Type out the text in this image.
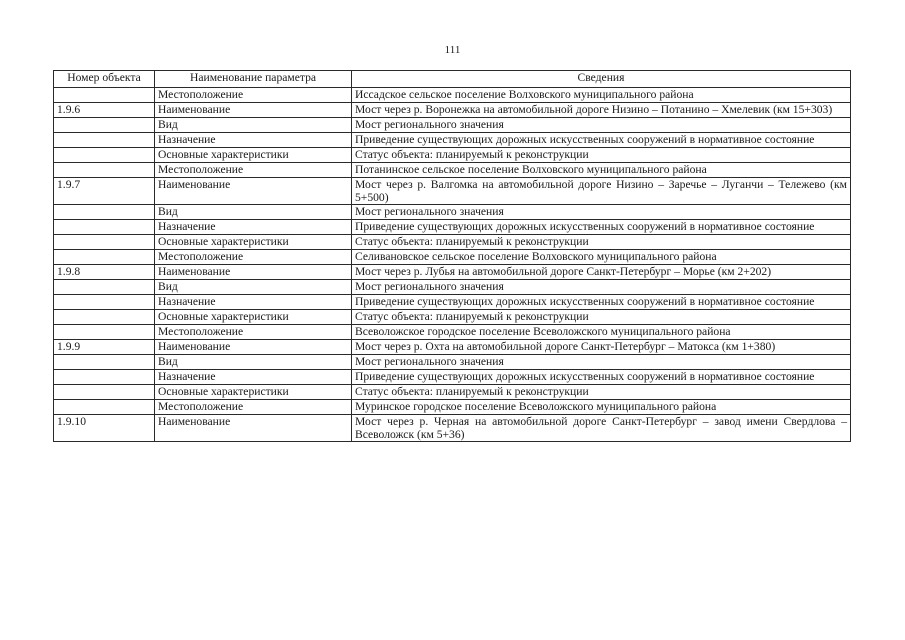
111
Номер объекта	Наименование параметра	Сведения
	Местоположение	Иссадское сельское поселение Волховского муниципального района
1.9.6	Наименование	Мост через р. Воронежка на автомобильной дороге Низино – Потанино – Хмелевик (км 15+303)
	Вид	Мост регионального значения
	Назначение	Приведение существующих дорожных искусственных сооружений в нормативное состояние
	Основные характеристики	Статус объекта: планируемый к реконструкции
	Местоположение	Потанинское сельское поселение Волховского муниципального района
1.9.7	Наименование	Мост через р. Валгомка на автомобильной дороге Низино – Заречье – Луганчи – Тележево (км 5+500)
	Вид	Мост регионального значения
	Назначение	Приведение существующих дорожных искусственных сооружений в нормативное состояние
	Основные характеристики	Статус объекта: планируемый к реконструкции
	Местоположение	Селивановское сельское поселение Волховского муниципального района
1.9.8	Наименование	Мост через р. Лубья на автомобильной дороге Санкт-Петербург – Морье (км 2+202)
	Вид	Мост регионального значения
	Назначение	Приведение существующих дорожных искусственных сооружений в нормативное состояние
	Основные характеристики	Статус объекта: планируемый к реконструкции
	Местоположение	Всеволожское городское поселение Всеволожского муниципального района
1.9.9	Наименование	Мост через р. Охта на автомобильной дороге Санкт-Петербург – Матокса (км 1+380)
	Вид	Мост регионального значения
	Назначение	Приведение существующих дорожных искусственных сооружений в нормативное состояние
	Основные характеристики	Статус объекта: планируемый к реконструкции
	Местоположение	Муринское городское поселение Всеволожского муниципального района
1.9.10	Наименование	Мост через р. Черная на автомобильной дороге Санкт-Петербург – завод имени Свердлова – Всеволожск (км 5+36)
